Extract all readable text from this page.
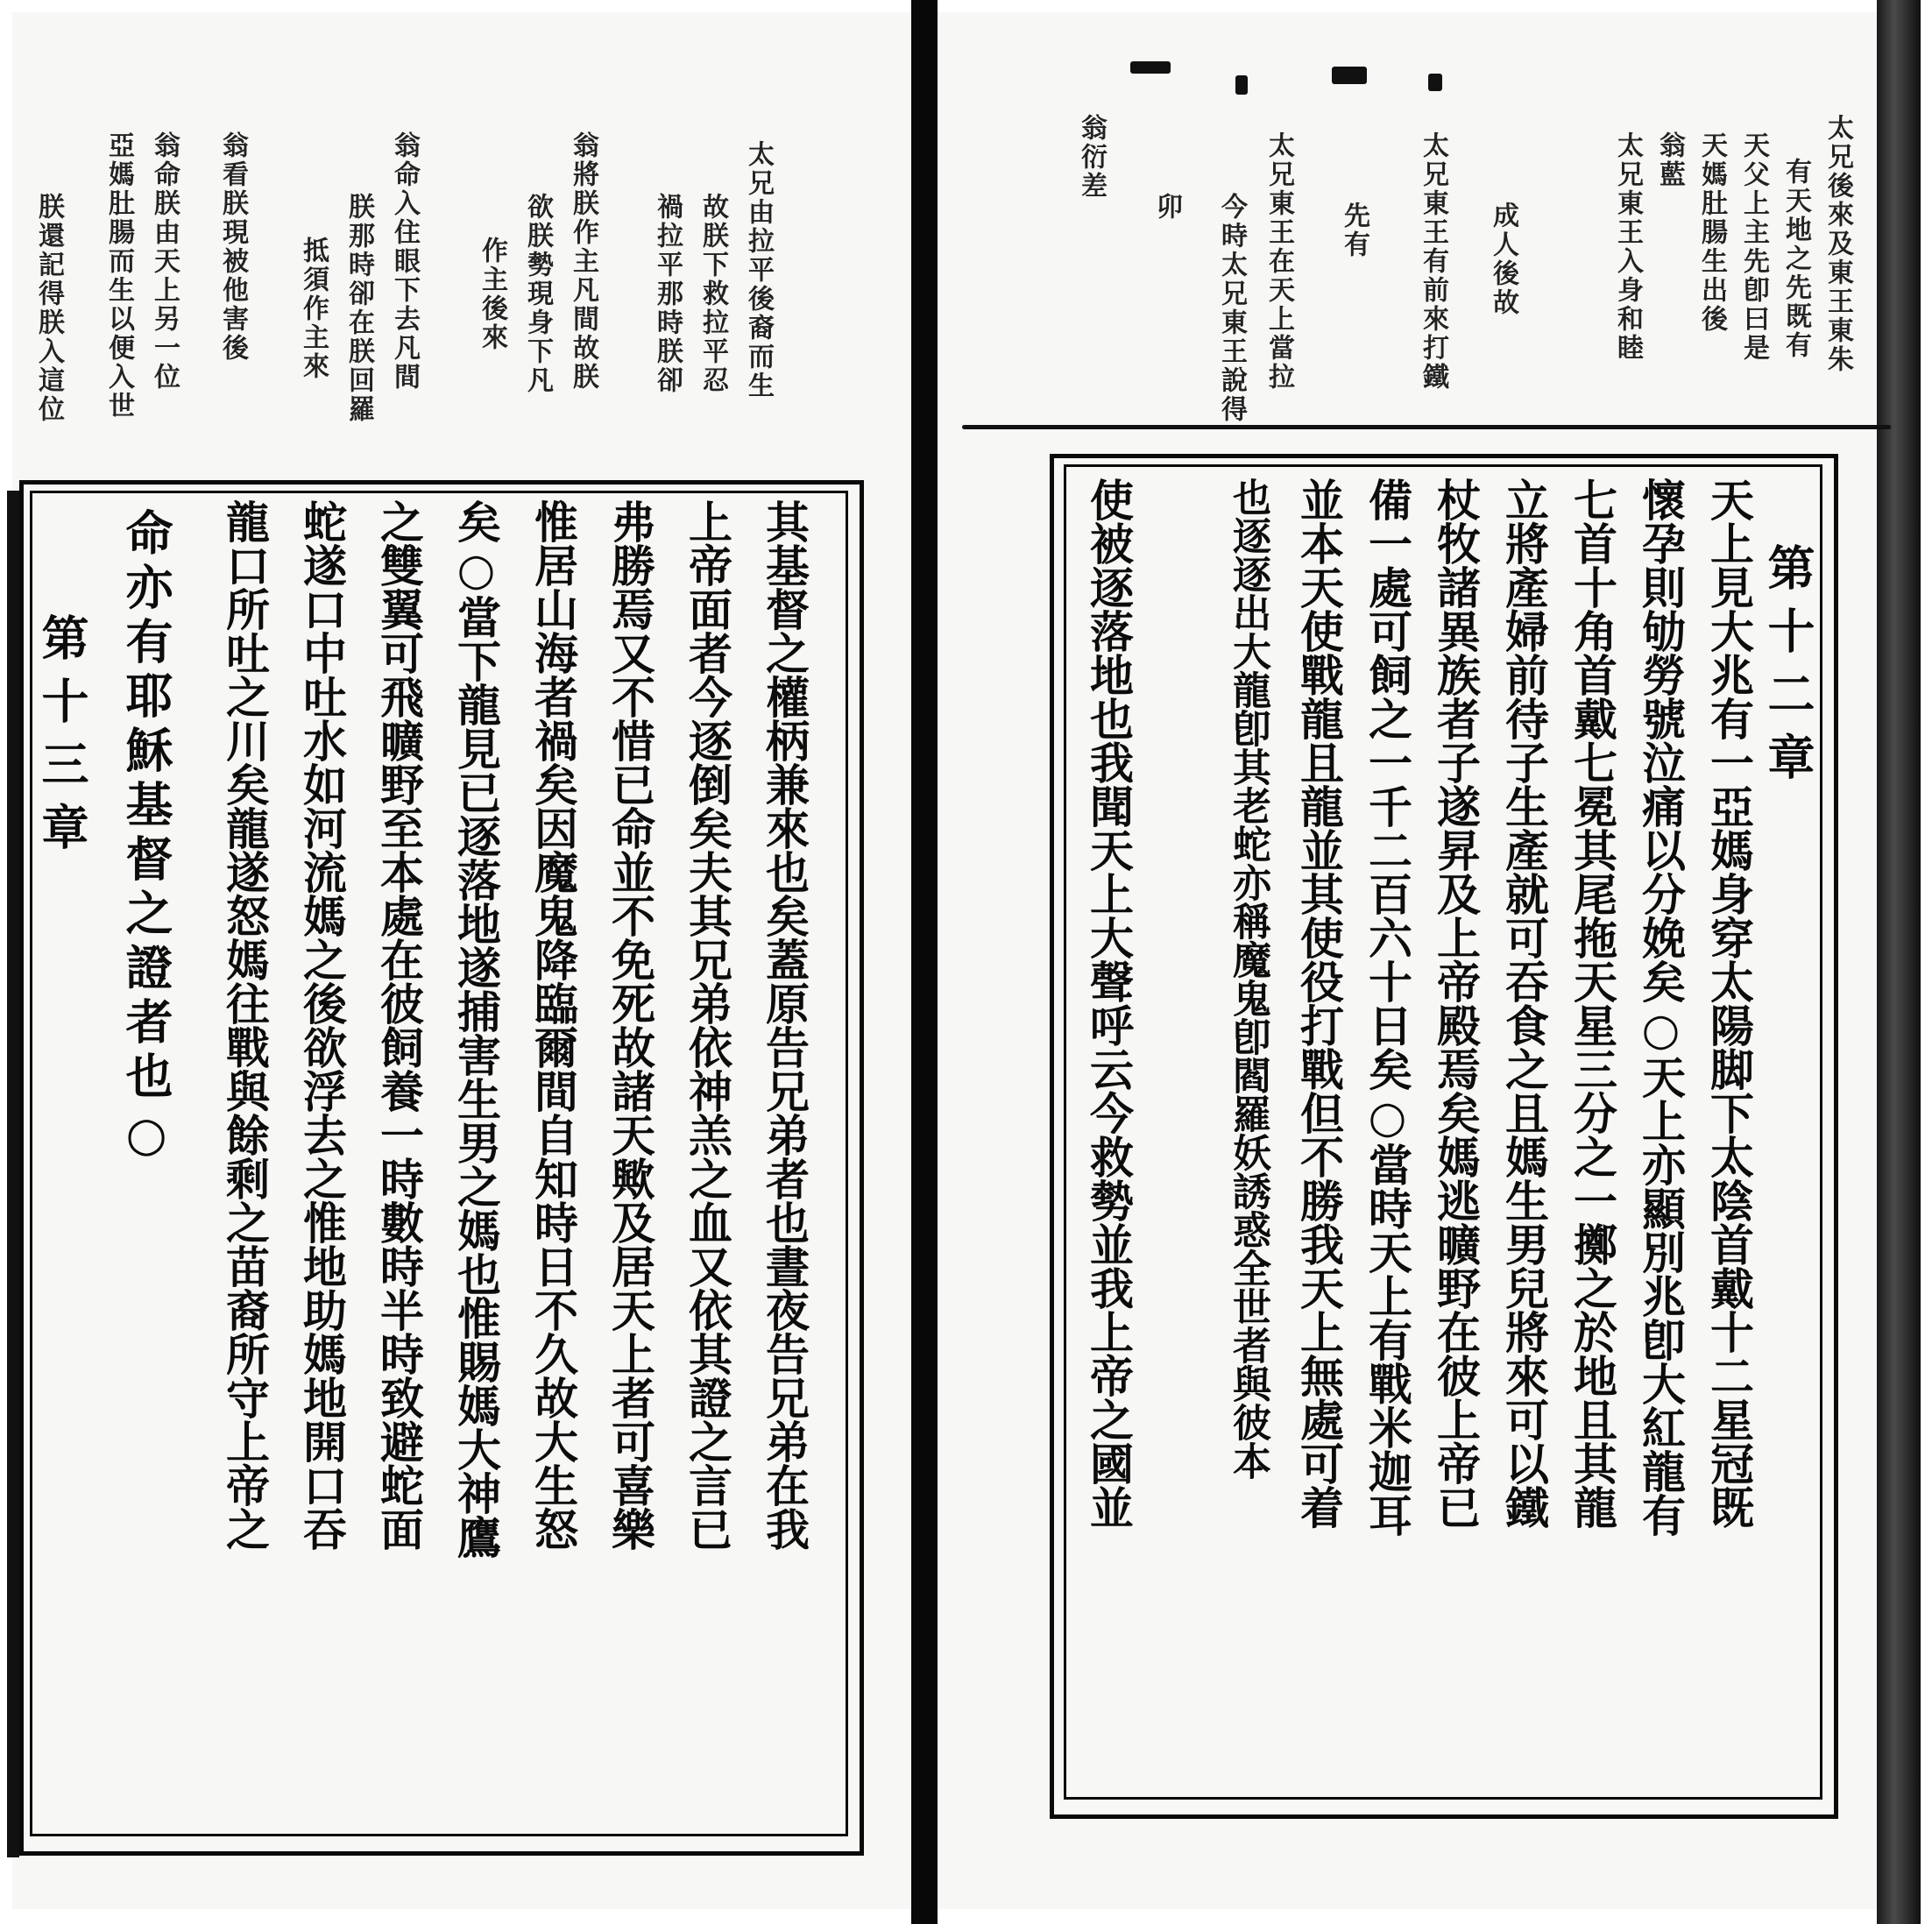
太兄後來及東王東朱
有天地之先既有
天父上主先卽曰是
天媽肚腸生出後
翁藍
太兄東王入身和睦
成人後故
太兄東王有前來打鐵
先有
太兄東王在天上當拉
今時太兄東王說得
卯
翁衍差
第十二章
天上見大兆有一亞媽身穿太陽脚下太陰首戴十二星冠既
懷孕則劬勞號泣痛以分娩矣○天上亦顯別兆卽大紅龍有
七首十角首戴七冕其尾拖天星三分之一擲之於地且其龍
立將產婦前待子生產就可吞食之且媽生男兒將來可以鐵
杖牧諸異族者子遂昇及上帝殿焉矣媽逃曠野在彼上帝已
備一處可飼之一千二百六十日矣○當時天上有戰米迦耳
並本天使戰龍且龍並其使役打戰但不勝我天上無處可着
也逐逐出大龍卽其老蛇亦稱魔鬼卽閻羅妖誘惑全世者與彼本
使被逐落地也我聞天上大聲呼云今救勢並我上帝之國並
太兄由拉平後裔而生
故朕下救拉平忍
禍拉平那時朕卻
翁將朕作主凡間故朕
欲朕勢現身下凡
作主後來
翁命入住眼下去凡間
朕那時卻在朕回羅
抵須作主來
翁看朕現被他害後
翁命朕由天上另一位
亞媽肚腸而生以便入世
朕還記得朕入這位
其基督之權柄兼來也矣蓋原告兄弟者也晝夜告兄弟在我
上帝面者今逐倒矣夫其兄弟依神羔之血又依其證之言已
弗勝焉又不惜已命並不免死故諸天歟及居天上者可喜樂
惟居山海者禍矣因魔鬼降臨爾間自知時日不久故大生怒
矣○當下龍見已逐落地遂捕害生男之媽也惟賜媽大神鷹
之雙翼可飛曠野至本處在彼飼養一時數時半時致避蛇面
蛇遂口中吐水如河流媽之後欲浮去之惟地助媽地開口吞
龍口所吐之川矣龍遂怒媽往戰與餘剩之苗裔所守上帝之
命亦有耶穌基督之證者也○
第十三章
